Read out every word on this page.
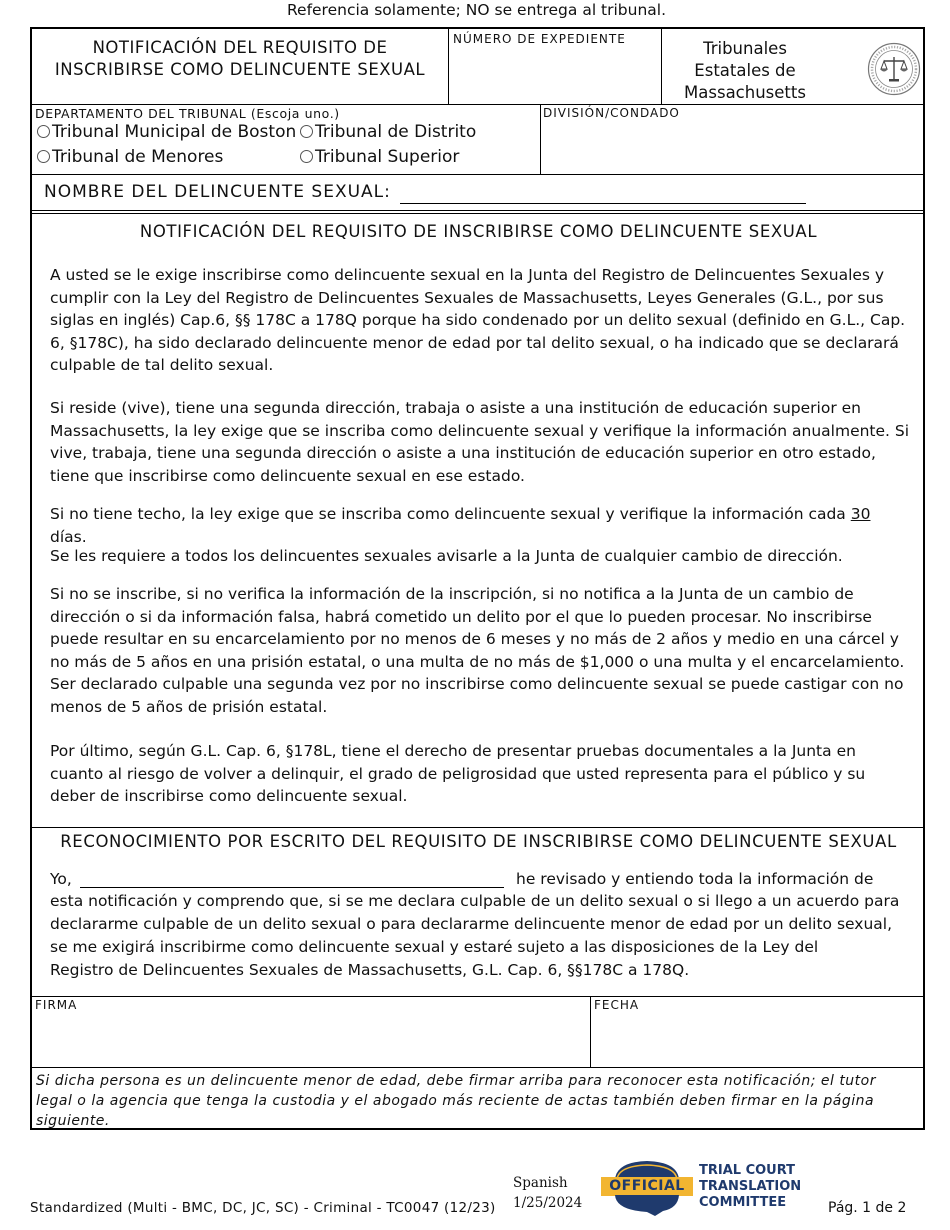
Referencia solamente; NO se entrega al tribunal.
NOTIFICACIÓN DEL REQUISITO DE INSCRIBIRSE COMO DELINCUENTE SEXUAL
NÚMERO DE EXPEDIENTE	Tribunales Estatales de Massachusetts
DEPARTAMENTO DEL TRIBUNAL (Escoja uno.)
Tribunal Municipal de Boston	Tribunal de Distrito
Tribunal de Menores	Tribunal Superior
DIVISIÓN/CONDADO
NOMBRE DEL DELINCUENTE SEXUAL:
NOTIFICACIÓN DEL REQUISITO DE INSCRIBIRSE COMO DELINCUENTE SEXUAL

A usted se le exige inscribirse como delincuente sexual en la Junta del Registro de Delincuentes Sexuales y cumplir con la Ley del Registro de Delincuentes Sexuales de Massachusetts, Leyes Generales (G.L., por sus siglas en inglés) Cap.6, §§ 178C a 178Q porque ha sido condenado por un delito sexual (definido en G.L., Cap. 6, §178C), ha sido declarado delincuente menor de edad por tal delito sexual, o ha indicado que se declarará culpable de tal delito sexual.

Si reside (vive), tiene una segunda dirección, trabaja o asiste a una institución de educación superior en Massachusetts, la ley exige que se inscriba como delincuente sexual y verifique la información anualmente. Si vive, trabaja, tiene una segunda dirección o asiste a una institución de educación superior en otro estado, tiene que inscribirse como delincuente sexual en ese estado.

Si no tiene techo, la ley exige que se inscriba como delincuente sexual y verifique la información cada 30 días.

Se les requiere a todos los delincuentes sexuales avisarle a la Junta de cualquier cambio de dirección.

Si no se inscribe, si no verifica la información de la inscripción, si no notifica a la Junta de un cambio de dirección o si da información falsa, habrá cometido un delito por el que lo pueden procesar. No inscribirse puede resultar en su encarcelamiento por no menos de 6 meses y no más de 2 años y medio en una cárcel y no más de 5 años en una prisión estatal, o una multa de no más de $1,000 o una multa y el encarcelamiento. Ser declarado culpable una segunda vez por no inscribirse como delincuente sexual se puede castigar con no menos de 5 años de prisión estatal.

Por último, según G.L. Cap. 6, §178L, tiene el derecho de presentar pruebas documentales a la Junta en cuanto al riesgo de volver a delinquir, el grado de peligrosidad que usted representa para el público y su deber de inscribirse como delincuente sexual.

RECONOCIMIENTO POR ESCRITO DEL REQUISITO DE INSCRIBIRSE COMO DELINCUENTE SEXUAL
Yo,	he revisado y entiendo toda la información de
esta notificación y comprendo que, si se me declara culpable de un delito sexual o si llego a un acuerdo para
declararme culpable de un delito sexual o para declararme delincuente menor de edad por un delito sexual,
se me exigirá inscribirme como delincuente sexual y estaré sujeto a las disposiciones de la Ley del
Registro de Delincuentes Sexuales de Massachusetts, G.L. Cap. 6, §§178C a 178Q.
FIRMA	FECHA
Si dicha persona es un delincuente menor de edad, debe firmar arriba para reconocer esta notificación; el tutor legal o la agencia que tenga la custodia y el abogado más reciente de actas también deben firmar en la página siguiente.
Standardized (Multi - BMC, DC, JC, SC) - Criminal - TC0047 (12/23)
Spanish
1/25/2024
OFFICIAL
TRIAL COURT
TRANSLATION
COMMITTEE	Pág. 1 de 2
